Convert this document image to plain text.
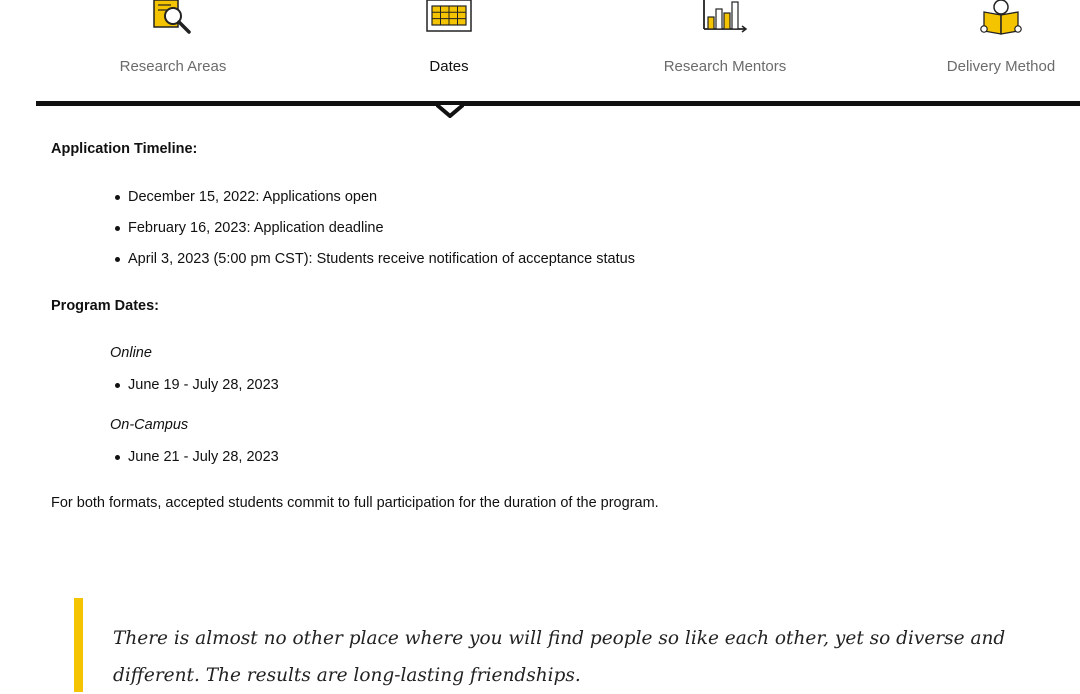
Research Areas	Dates	Research Mentors	Delivery Method
Application Timeline:
December 15, 2022: Applications open
February 16, 2023: Application deadline
April 3, 2023 (5:00 pm CST): Students receive notification of acceptance status
Program Dates:
Online
June 19 - July 28, 2023
On-Campus
June 21 - July 28, 2023
For both formats, accepted students commit to full participation for the duration of the program.
There is almost no other place where you will find people so like each other, yet so diverse and different. The results are long-lasting friendships.
